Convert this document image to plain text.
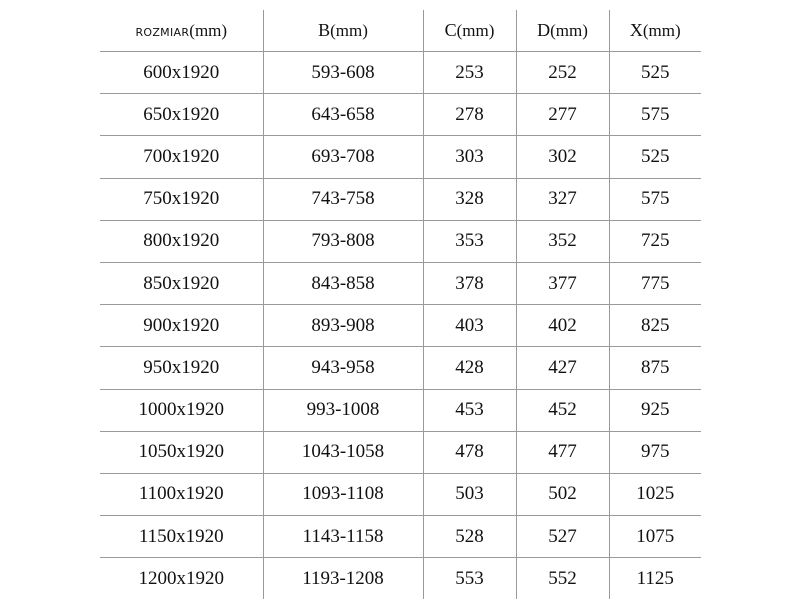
ROZMIAR(mm)	B(mm)	C(mm)	D(mm)	X(mm)
600x1920	593-608	253	252	525
650x1920	643-658	278	277	575
700x1920	693-708	303	302	525
750x1920	743-758	328	327	575
800x1920	793-808	353	352	725
850x1920	843-858	378	377	775
900x1920	893-908	403	402	825
950x1920	943-958	428	427	875
1000x1920	993-1008	453	452	925
1050x1920	1043-1058	478	477	975
1100x1920	1093-1108	503	502	1025
1150x1920	1143-1158	528	527	1075
1200x1920	1193-1208	553	552	1125
